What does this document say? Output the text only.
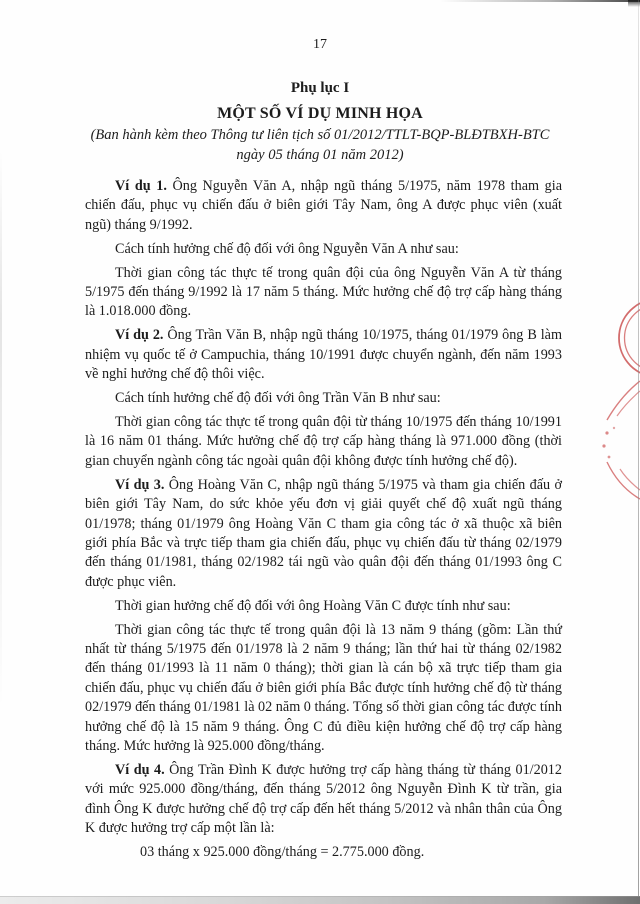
17
Phụ lục I
MỘT SỐ VÍ DỤ MINH HỌA
(Ban hành kèm theo Thông tư liên tịch số 01/2012/TTLT-BQP-BLĐTBXH-BTC
ngày 05 tháng 01 năm 2012)

Ví dụ 1. Ông Nguyễn Văn A, nhập ngũ tháng 5/1975, năm 1978 tham gia chiến đấu, phục vụ chiến đấu ở biên giới Tây Nam, ông A được phục viên (xuất ngũ) tháng 9/1992.

Cách tính hưởng chế độ đối với ông Nguyễn Văn A như sau:

Thời gian công tác thực tế trong quân đội của ông Nguyễn Văn A từ tháng 5/1975 đến tháng 9/1992 là 17 năm 5 tháng. Mức hưởng chế độ trợ cấp hàng tháng là 1.018.000 đồng.

Ví dụ 2. Ông Trần Văn B, nhập ngũ tháng 10/1975, tháng 01/1979 ông B làm nhiệm vụ quốc tế ở Campuchia, tháng 10/1991 được chuyển ngành, đến năm 1993 về nghỉ hưởng chế độ thôi việc.

Cách tính hưởng chế độ đối với ông Trần Văn B như sau:

Thời gian công tác thực tế trong quân đội từ tháng 10/1975 đến tháng 10/1991 là 16 năm 01 tháng. Mức hưởng chế độ trợ cấp hàng tháng là 971.000 đồng (thời gian chuyển ngành công tác ngoài quân đội không được tính hưởng chế độ).

Ví dụ 3. Ông Hoàng Văn C, nhập ngũ tháng 5/1975 và tham gia chiến đấu ở biên giới Tây Nam, do sức khỏe yếu đơn vị giải quyết chế độ xuất ngũ tháng 01/1978; tháng 01/1979 ông Hoàng Văn C tham gia công tác ở xã thuộc xã biên giới phía Bắc và trực tiếp tham gia chiến đấu, phục vụ chiến đấu từ tháng 02/1979 đến tháng 01/1981, tháng 02/1982 tái ngũ vào quân đội đến tháng 01/1993 ông C được phục viên.

Thời gian hưởng chế độ đối với ông Hoàng Văn C được tính như sau:

Thời gian công tác thực tế trong quân đội là 13 năm 9 tháng (gồm: Lần thứ nhất từ tháng 5/1975 đến 01/1978 là 2 năm 9 tháng; lần thứ hai từ tháng 02/1982 đến tháng 01/1993 là 11 năm 0 tháng); thời gian là cán bộ xã trực tiếp tham gia chiến đấu, phục vụ chiến đấu ở biên giới phía Bắc được tính hưởng chế độ từ tháng 02/1979 đến tháng 01/1981 là 02 năm 0 tháng. Tổng số thời gian công tác được tính hưởng chế độ là 15 năm 9 tháng. Ông C đủ điều kiện hưởng chế độ trợ cấp hàng tháng. Mức hưởng là 925.000 đồng/tháng.

Ví dụ 4. Ông Trần Đình K được hưởng trợ cấp hàng tháng từ tháng 01/2012 với mức 925.000 đồng/tháng, đến tháng 5/2012 ông Nguyễn Đình K từ trần, gia đình Ông K được hưởng chế độ trợ cấp đến hết tháng 5/2012 và nhân thân của Ông K được hưởng trợ cấp một lần là:

03 tháng x 925.000 đồng/tháng = 2.775.000 đồng.
